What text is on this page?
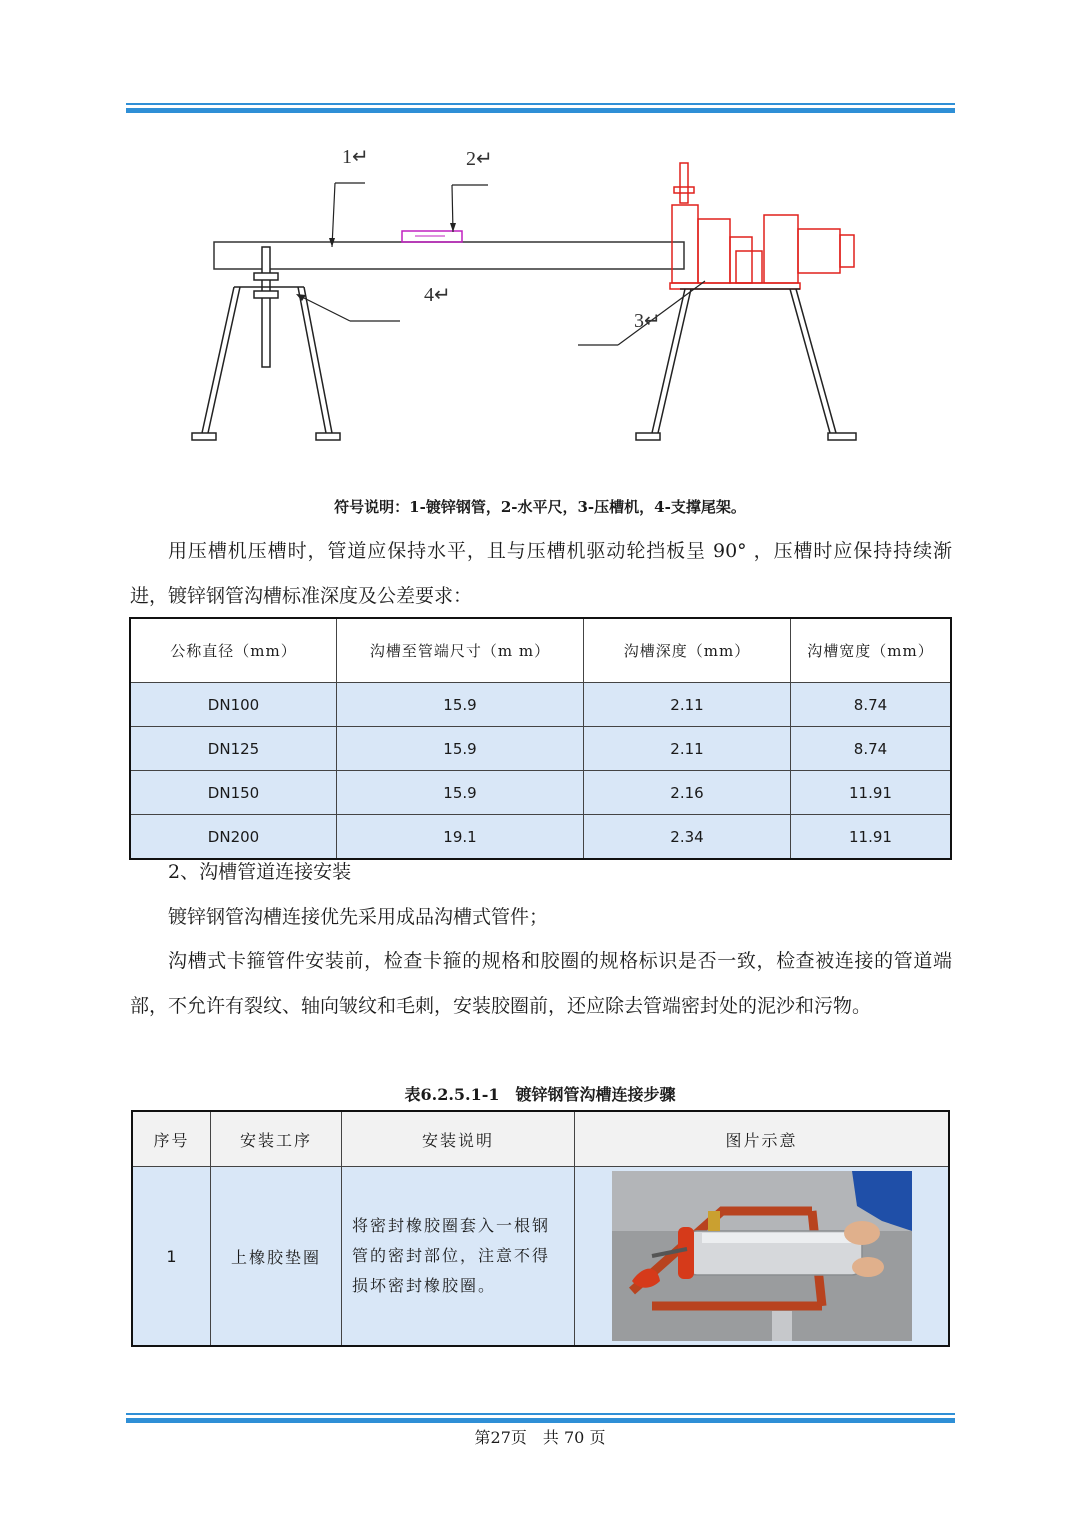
1↵	2↵
4↵
3↵
符号说明：1-镀锌钢管，2-水平尺，3-压槽机，4-支撑尾架。

用压槽机压槽时，管道应保持水平，且与压槽机驱动轮挡板呈 90° ，压槽时应保持持续渐进，镀锌钢管沟槽标准深度及公差要求：

公称直径（mm）	沟槽至管端尺寸（m m）	沟槽深度（mm）	沟槽宽度（mm）
DN100	15.9	2.11	8.74
DN125	15.9	2.11	8.74
DN150	15.9	2.16	11.91
DN200	19.1	2.34	11.91

2、沟槽管道连接安装

镀锌钢管沟槽连接优先采用成品沟槽式管件；

沟槽式卡箍管件安装前，检查卡箍的规格和胶圈的规格标识是否一致，检查被连接的管道端部，不允许有裂纹、轴向皱纹和毛刺，安装胶圈前，还应除去管端密封处的泥沙和污物。

表6.2.5.1-1　镀锌钢管沟槽连接步骤
序号	安装工序	安装说明	图片示意
1	上橡胶垫圈	将密封橡胶圈套入一根钢管的密封部位，注意不得损坏密封橡胶圈。	
第27页　共 70 页
